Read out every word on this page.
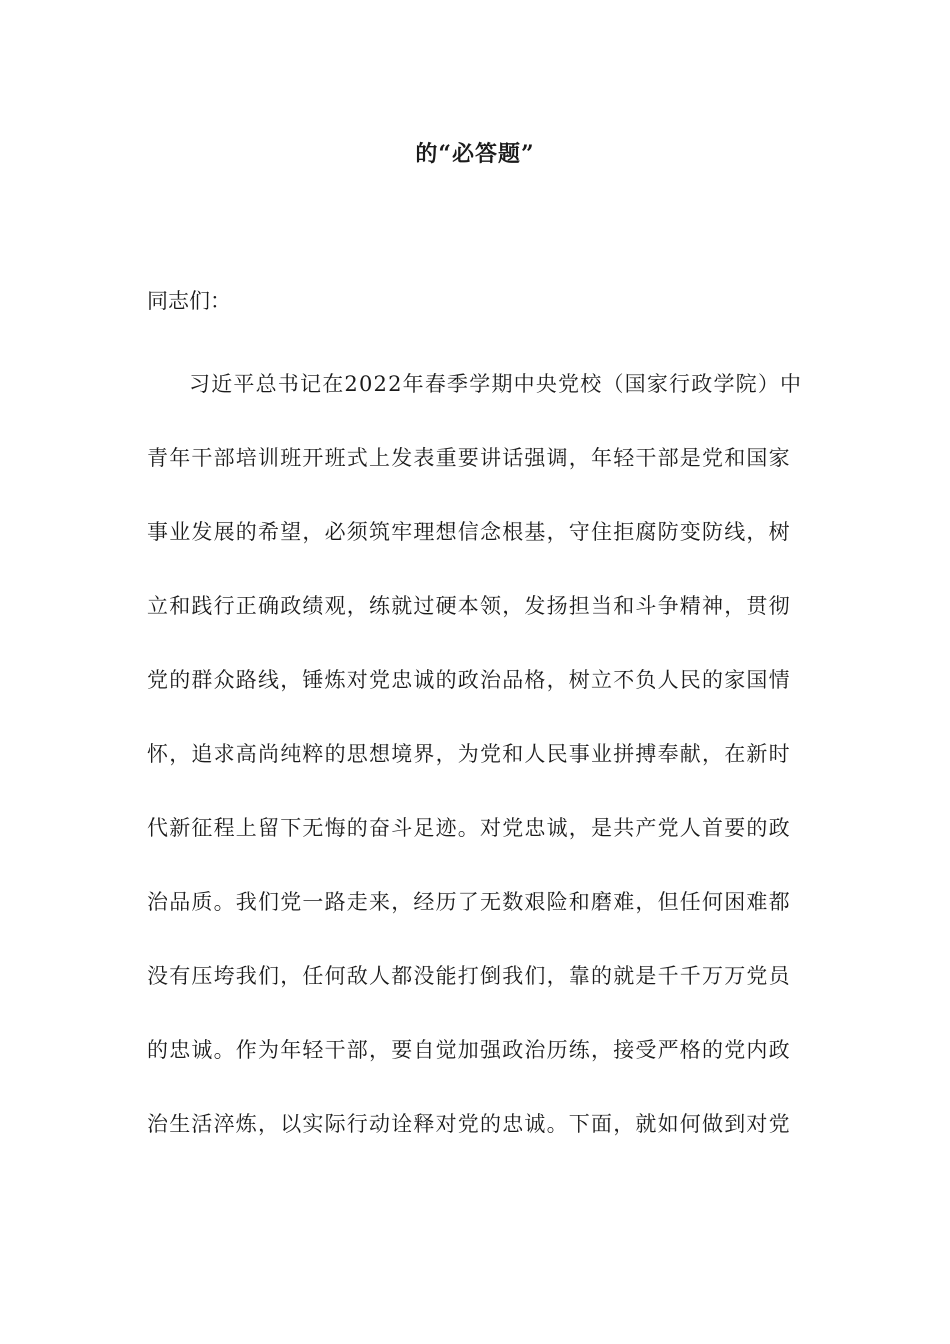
的“必答题”
同志们：
习近平总书记在2022年春季学期中央党校（国家行政学院）中
青年干部培训班开班式上发表重要讲话强调，年轻干部是党和国家
事业发展的希望，必须筑牢理想信念根基，守住拒腐防变防线，树
立和践行正确政绩观，练就过硬本领，发扬担当和斗争精神，贯彻
党的群众路线，锤炼对党忠诚的政治品格，树立不负人民的家国情
怀，追求高尚纯粹的思想境界，为党和人民事业拼搏奉献，在新时
代新征程上留下无悔的奋斗足迹。对党忠诚，是共产党人首要的政
治品质。我们党一路走来，经历了无数艰险和磨难，但任何困难都
没有压垮我们，任何敌人都没能打倒我们，靠的就是千千万万党员
的忠诚。作为年轻干部，要自觉加强政治历练，接受严格的党内政
治生活淬炼，以实际行动诠释对党的忠诚。下面，就如何做到对党
